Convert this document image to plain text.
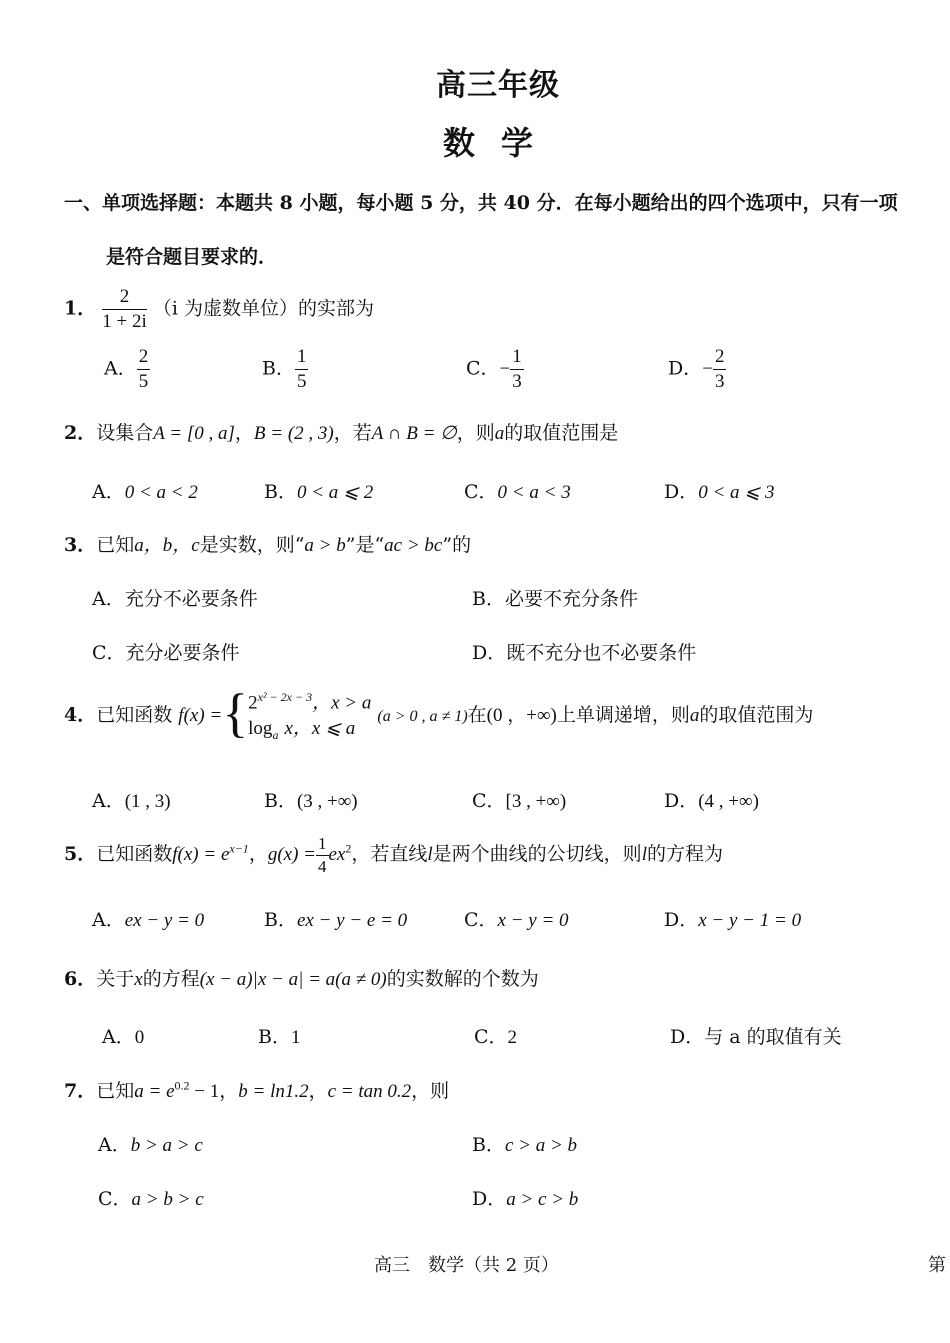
高三年级
数学
一、单项选择题：本题共 8 小题，每小题 5 分，共 40 分．在每小题给出的四个选项中，只有一项
是符合题目要求的．
1． $\frac{2}{1 + 2i} (i$ 为虚数单位）的实部为
A． $\frac{2}{5}$	B． $\frac{1}{5}$	C．− $\frac{1}{3}$	D．− $\frac{2}{3}$
2．设集合A = [0 , a]，B = (2 , 3)，若A ∩ B = ∅，则a的取值范围是
A．0 < a < 2	B．0 < a ⩽ 2	C．0 < a < 3	D．0 < a ⩽ 3
3．已知a，b，c是实数，则“a > b”是“ac > bc”的
A．充分不必要条件	B．必要不充分条件
C．充分必要条件	D．既不充分也不必要条件
4．已知函数 f(x) ={ $2^{x^2 - 2x - 3}$，x > a
$\log_a x$，x ⩽ a
(a > 0 , a ≠ 1)在(0 ，+∞)上单调递增，则a的取值范围为
A．(1 , 3)	B．(3 , +∞)	C．[3 , +∞)	D．(4 , +∞)
5．已知函数$f(x) = e^{x-1}$，$g(x) = \frac{1}{4} ex^2$，若直线l是两个曲线的公切线，则l的方程为
A．ex − y = 0	B．ex − y − e = 0	C．x − y = 0	D．x − y − 1 = 0
6．关于x的方程(x − a)|x − a| = a(a ≠ 0)的实数解的个数为
A．0	B．1	C．2	D．与 a 的取值有关
7．已知$a = e^{0.2} - 1$，b = ln1.2，c = tan 0.2，则
A．b > a > c	B．c > a > b
C．a > b > c	D．a > c > b
高三　数学（共 2 页）	第
